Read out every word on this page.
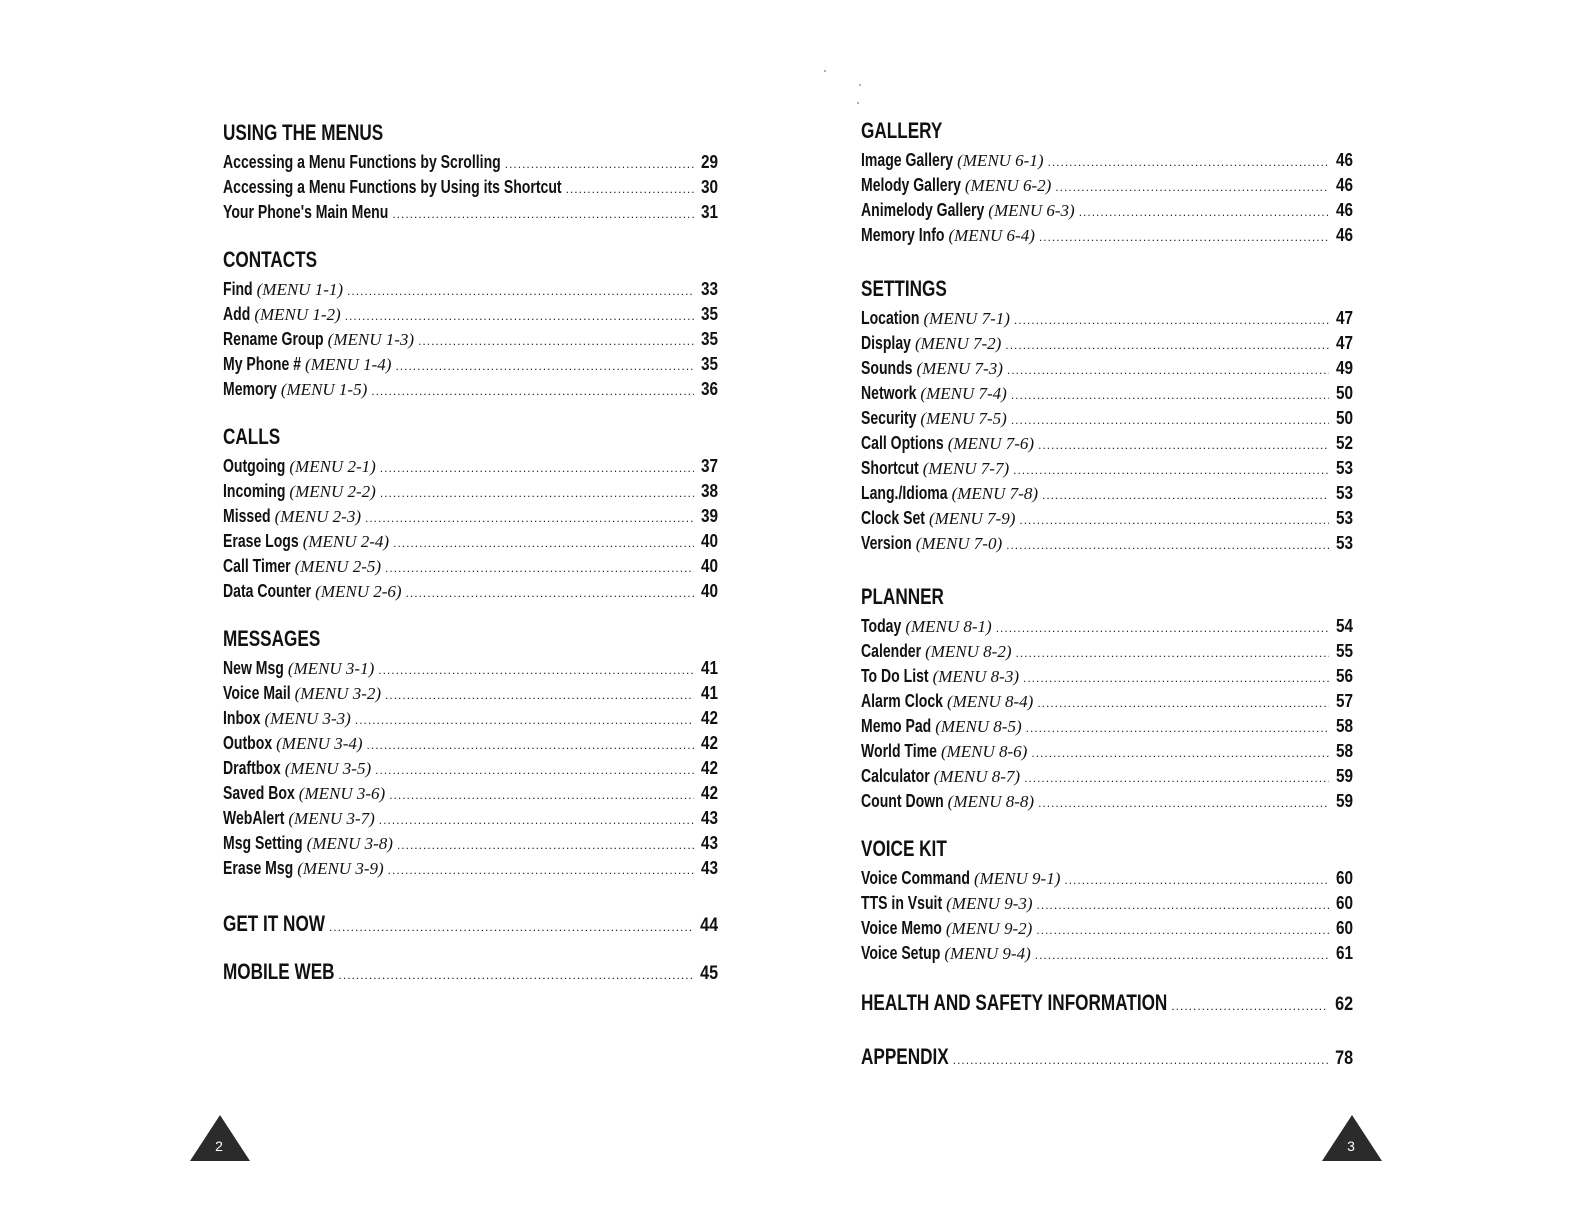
USING THE MENUS
Accessing a Menu Functions by Scrolling .....	29
Accessing a Menu Functions by Using its Shortcut .....	30
Your Phone's Main Menu .....	31
CONTACTS
Find (MENU 1-1) .....	33
Add (MENU 1-2) .....	35
Rename Group (MENU 1-3) .....	35
My Phone # (MENU 1-4) .....	35
Memory (MENU 1-5) .....	36
CALLS
Outgoing (MENU 2-1) .....	37
Incoming (MENU 2-2) .....	38
Missed (MENU 2-3) .....	39
Erase Logs (MENU 2-4) .....	40
Call Timer (MENU 2-5) .....	40
Data Counter (MENU 2-6) .....	40
MESSAGES
New Msg (MENU 3-1) .....	41
Voice Mail (MENU 3-2) .....	41
Inbox (MENU 3-3) .....	42
Outbox (MENU 3-4) .....	42
Draftbox (MENU 3-5) .....	42
Saved Box (MENU 3-6) .....	42
WebAlert (MENU 3-7) .....	43
Msg Setting (MENU 3-8) .....	43
Erase Msg (MENU 3-9) .....	43
GET IT NOW .....	44
MOBILE WEB .....	45
2
GALLERY
Image Gallery (MENU 6-1) .....	46
Melody Gallery (MENU 6-2) .....	46
Animelody Gallery (MENU 6-3) .....	46
Memory Info (MENU 6-4) .....	46
SETTINGS
Location (MENU 7-1) .....	47
Display (MENU 7-2) .....	47
Sounds (MENU 7-3) .....	49
Network (MENU 7-4) .....	50
Security (MENU 7-5) .....	50
Call Options (MENU 7-6) .....	52
Shortcut (MENU 7-7) .....	53
Lang./Idioma (MENU 7-8) .....	53
Clock Set (MENU 7-9) .....	53
Version (MENU 7-0) .....	53
PLANNER
Today (MENU 8-1) .....	54
Calender (MENU 8-2) .....	55
To Do List (MENU 8-3) .....	56
Alarm Clock (MENU 8-4) .....	57
Memo Pad (MENU 8-5) .....	58
World Time (MENU 8-6) .....	58
Calculator (MENU 8-7) .....	59
Count Down (MENU 8-8) .....	59
VOICE KIT
Voice Command (MENU 9-1) .....	60
TTS in Vsuit (MENU 9-3) .....	60
Voice Memo (MENU 9-2) .....	60
Voice Setup (MENU 9-4) .....	61
HEALTH AND SAFETY INFORMATION .....	62
APPENDIX .....	78
3
